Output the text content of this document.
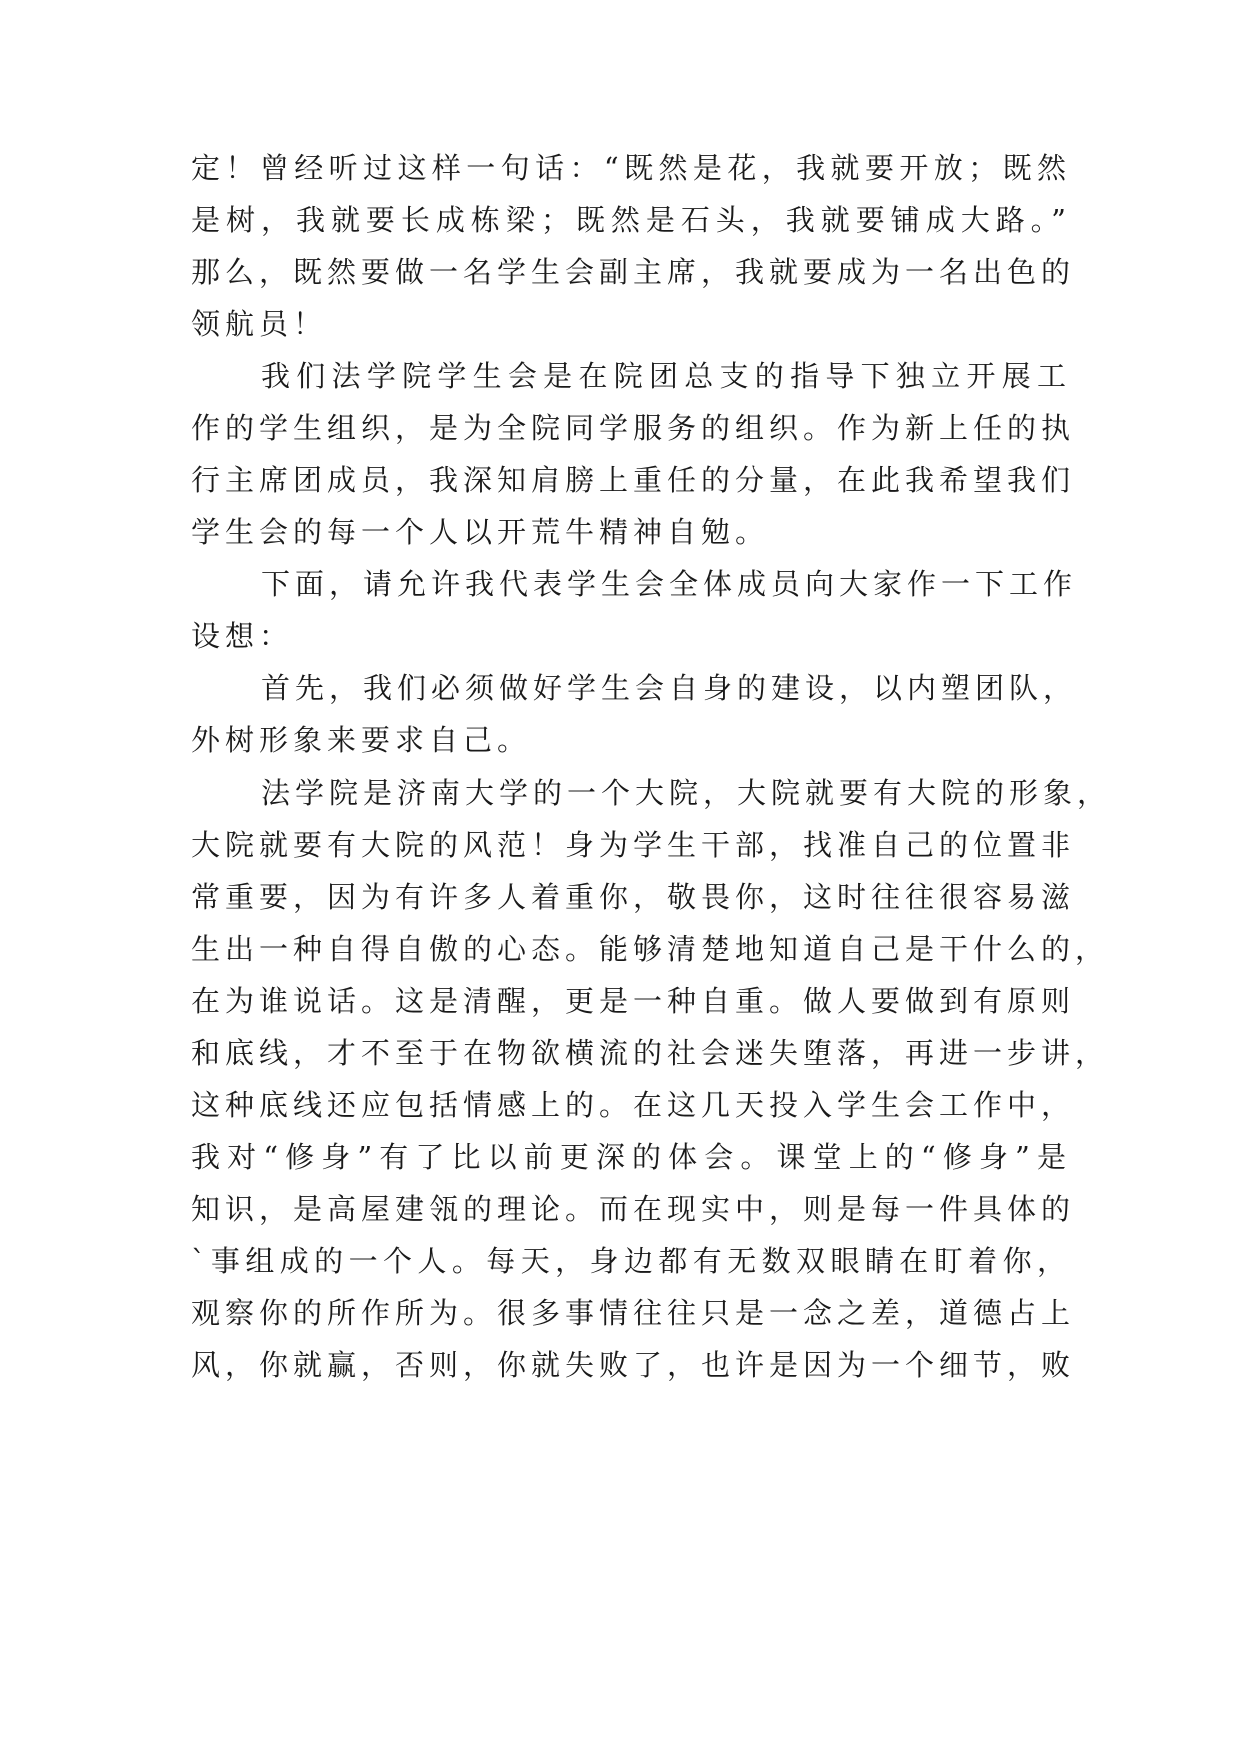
定！曾经听过这样一句话：“既然是花，我就要开放；既然
是树，我就要长成栋梁；既然是石头，我就要铺成大路。”
那么，既然要做一名学生会副主席，我就要成为一名出色的
领航员！
我们法学院学生会是在院团总支的指导下独立开展工
作的学生组织，是为全院同学服务的组织。作为新上任的执
行主席团成员，我深知肩膀上重任的分量，在此我希望我们
学生会的每一个人以开荒牛精神自勉。
下面，请允许我代表学生会全体成员向大家作一下工作
设想：
首先，我们必须做好学生会自身的建设，以内塑团队，
外树形象来要求自己。
法学院是济南大学的一个大院，大院就要有大院的形象，
大院就要有大院的风范！身为学生干部，找准自己的位置非
常重要，因为有许多人着重你，敬畏你，这时往往很容易滋
生出一种自得自傲的心态。能够清楚地知道自己是干什么的，
在为谁说话。这是清醒，更是一种自重。做人要做到有原则
和底线，才不至于在物欲横流的社会迷失堕落，再进一步讲，
这种底线还应包括情感上的。在这几天投入学生会工作中，
我对“修身”有了比以前更深的体会。课堂上的“修身”是
知识，是高屋建瓴的理论。而在现实中，则是每一件具体的
`事组成的一个人。每天，身边都有无数双眼睛在盯着你，
观察你的所作所为。很多事情往往只是一念之差，道德占上
风，你就赢，否则，你就失败了，也许是因为一个细节，败
